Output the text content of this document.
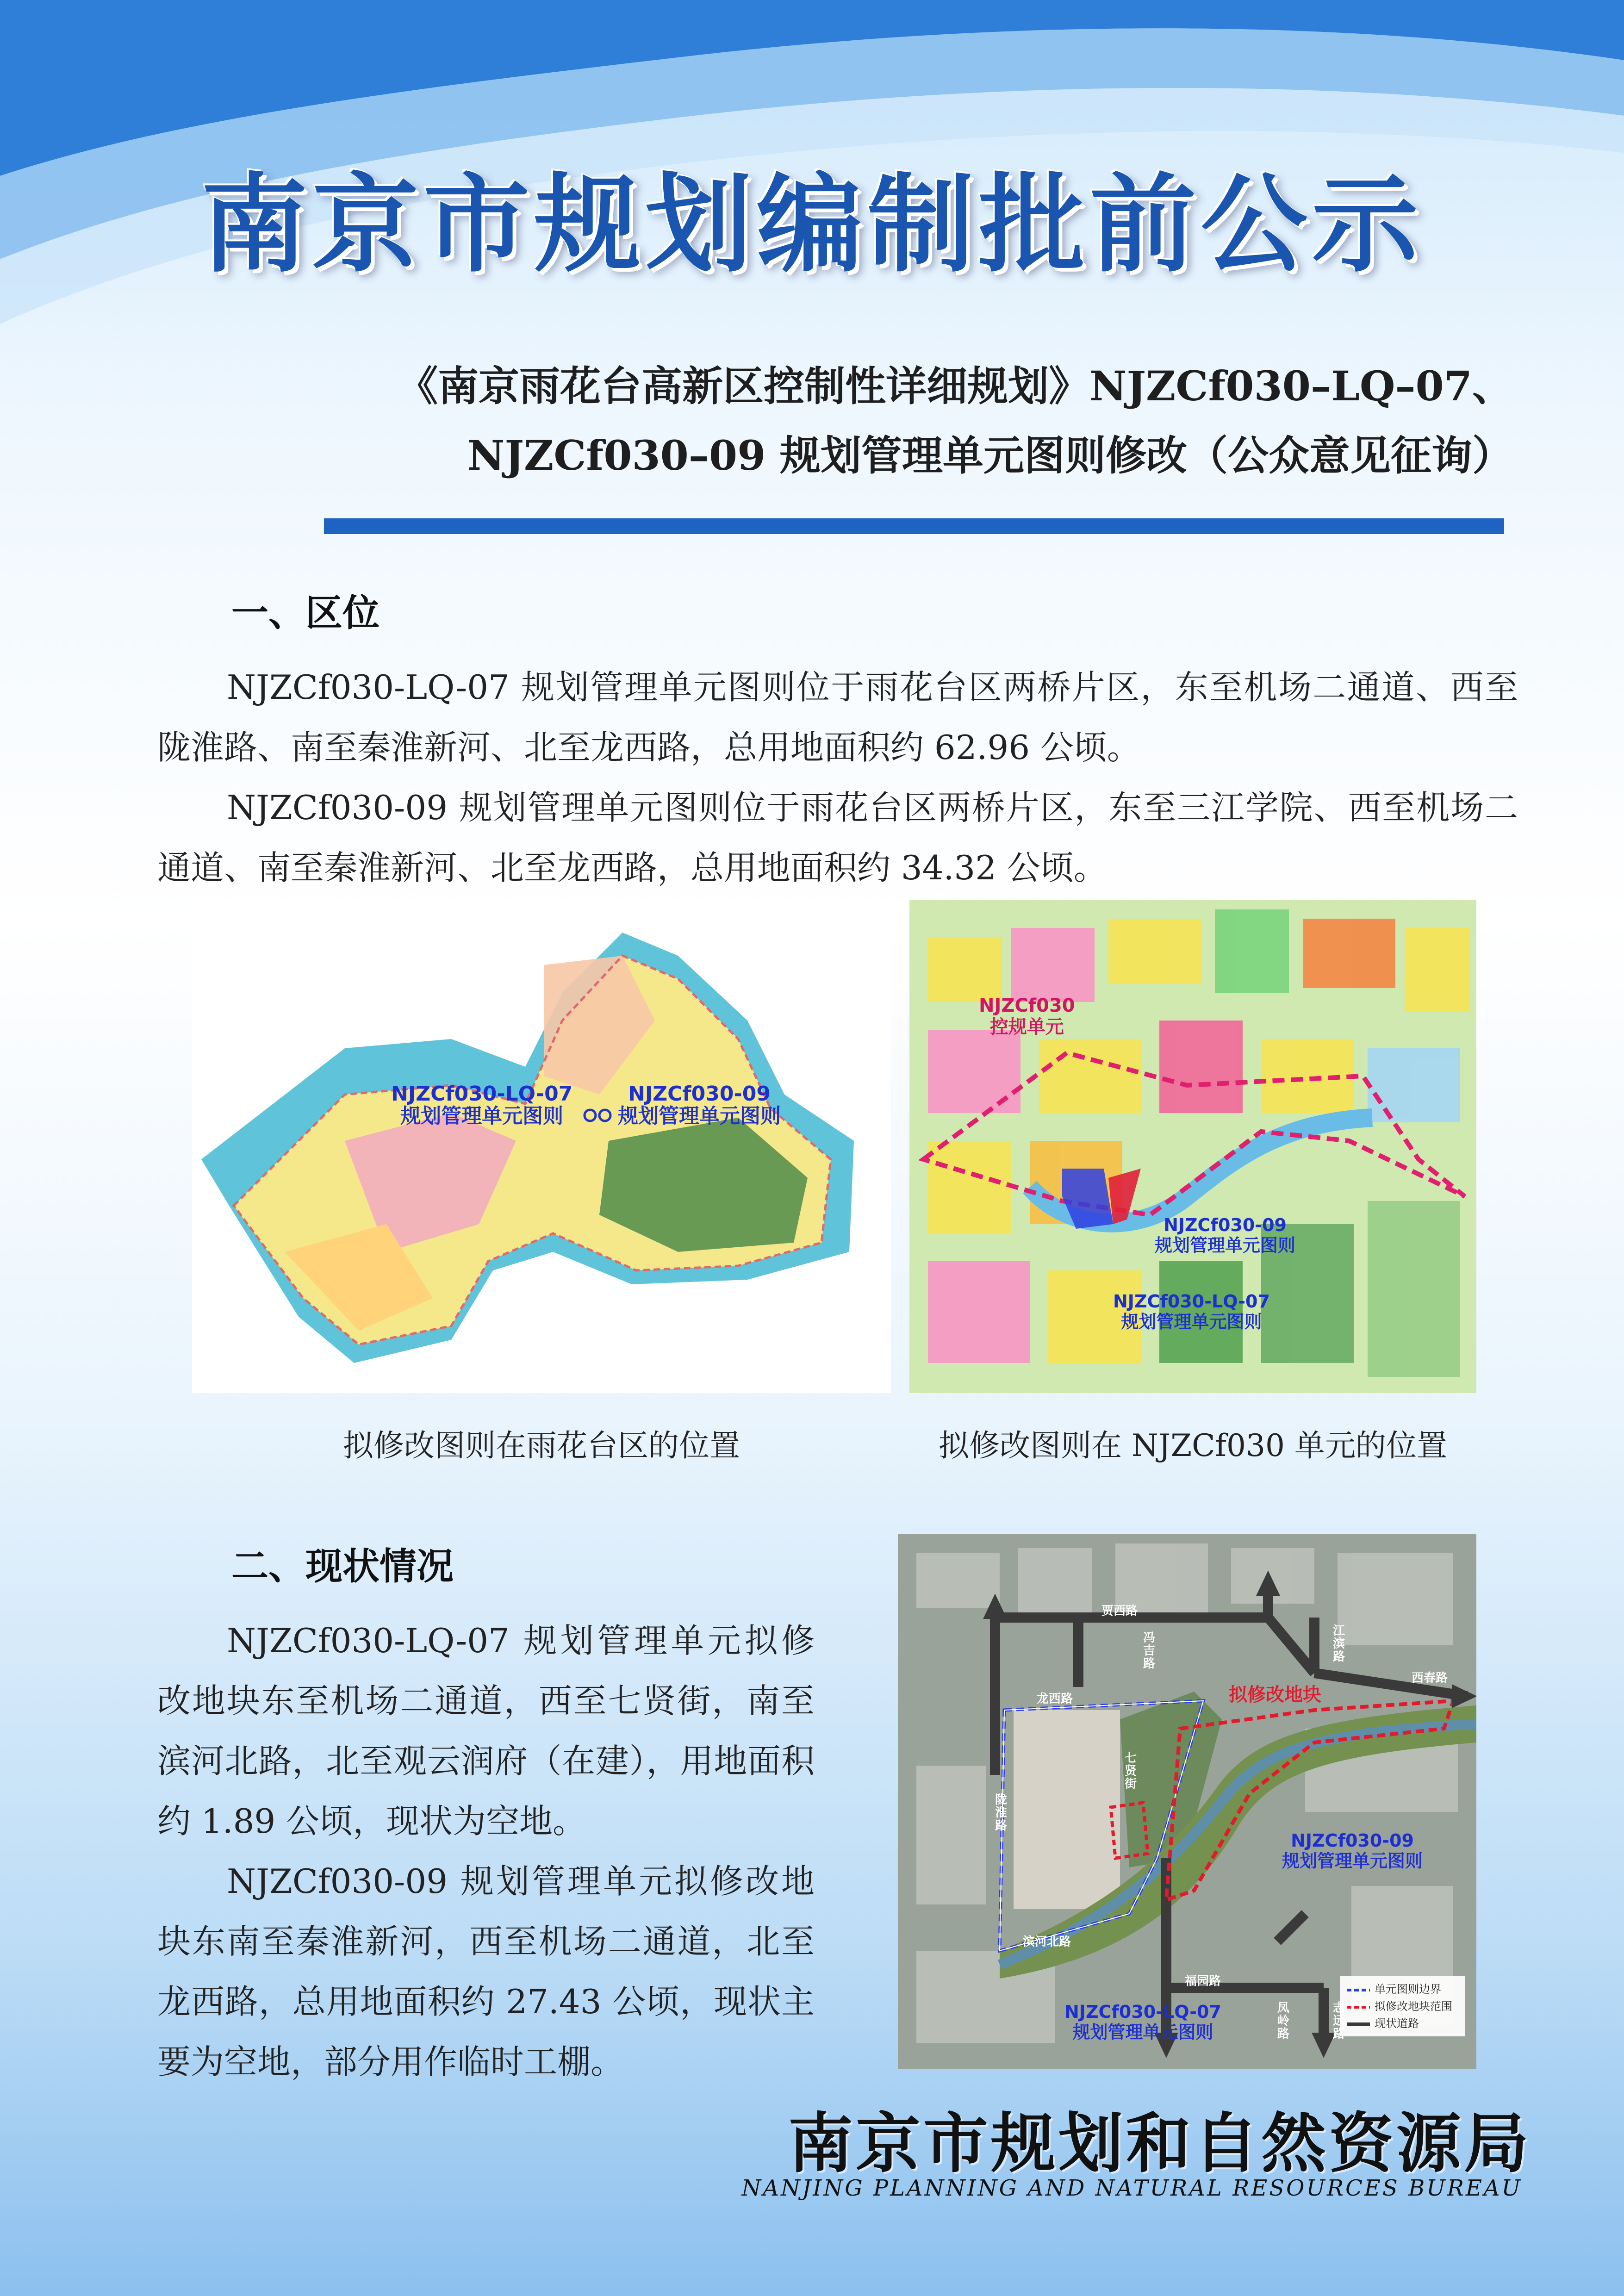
南京市规划编制批前公示
《南京雨花台高新区控制性详细规划》NJZCf030–LQ–07、
NJZCf030–09 规划管理单元图则修改（公众意见征询）
一、区位

NJZCf030-LQ-07 规划管理单元图则位于雨花台区两桥片区，东至机场二通道、西至陇淮路、南至秦淮新河、北至龙西路，总用地面积约 62.96 公顷。

NJZCf030-09 规划管理单元图则位于雨花台区两桥片区，东至三江学院、西至机场二通道、南至秦淮新河、北至龙西路，总用地面积约 34.32 公顷。

NJZCf030-LQ-07
规划管理单元图则
NJZCf030-09
规划管理单元图则
拟修改图则在雨花台区的位置
NJZCf030
控规单元
NJZCf030-09
规划管理单元图则
NJZCf030-LQ-07
规划管理单元图则
拟修改图则在 NJZCf030 单元的位置
二、现状情况

NJZCf030-LQ-07 规划管理单元拟修改地块东至机场二通道，西至七贤街，南至滨河北路，北至观云润府（在建），用地面积约 1.89 公顷，现状为空地。

NJZCf030-09 规划管理单元拟修改地块东南至秦淮新河，西至机场二通道，北至龙西路，总用地面积约 27.43 公顷，现状主要为空地，部分用作临时工棚。

拟修改地块
NJZCf030-09
规划管理单元图则
NJZCf030-LQ-07
规划管理单元图则
单元图则边界
拟修改地块范围
现状道路
贾西路
龙西路
江滨路
西春路
七贤街
滨河北路
陇淮路
福园路
凤岭路
志远路
冯吉路
南京市规划和自然资源局
NANJING PLANNING AND NATURAL RESOURCES BUREAU
